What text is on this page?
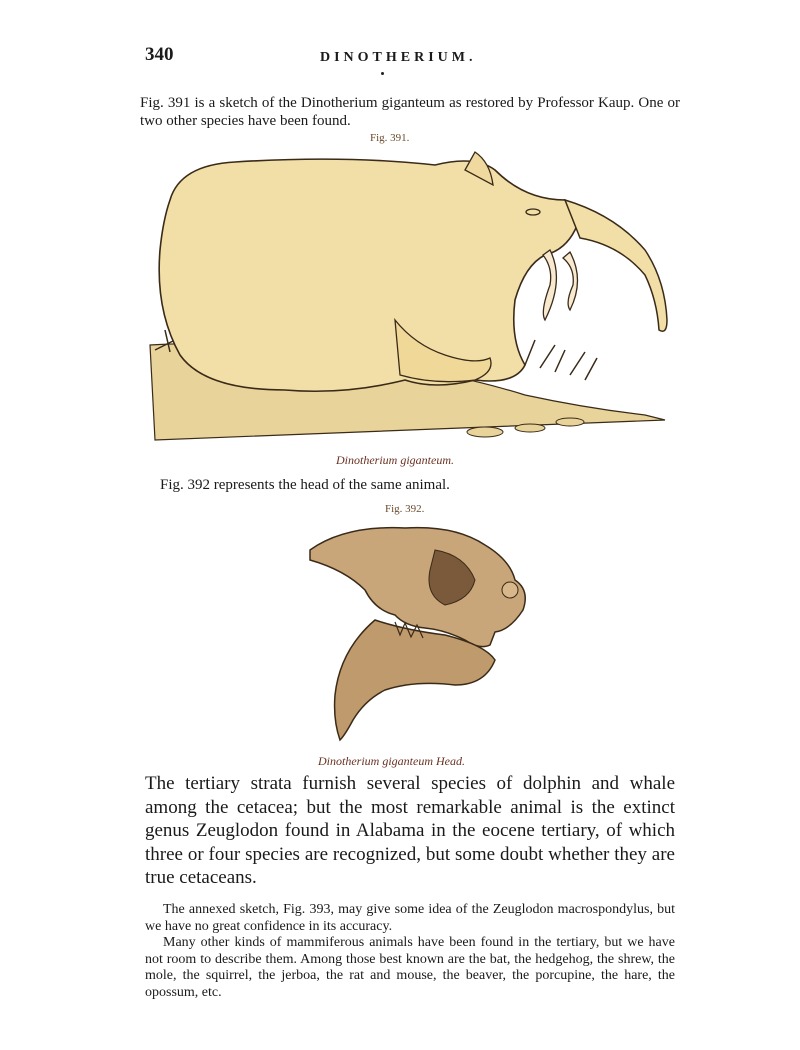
340	DINOTHERIUM.
Fig. 391 is a sketch of the Dinotherium giganteum as restored by Professor Kaup. One or two other species have been found.
Fig. 391.
Dinotherium giganteum.
Fig. 392 represents the head of the same animal.
Fig. 392.
Dinotherium giganteum Head.
The tertiary strata furnish several species of dolphin and whale among the cetacea; but the most remarkable animal is the extinct genus Zeuglodon found in Alabama in the eocene tertiary, of which three or four species are recognized, but some doubt whether they are true cetaceans.

The annexed sketch, Fig. 393, may give some idea of the Zeuglodon macrospondylus, but we have no great confidence in its accuracy.

Many other kinds of mammiferous animals have been found in the tertiary, but we have not room to describe them. Among those best known are the bat, the hedgehog, the shrew, the mole, the squirrel, the jerboa, the rat and mouse, the beaver, the porcupine, the hare, the opossum, etc.
